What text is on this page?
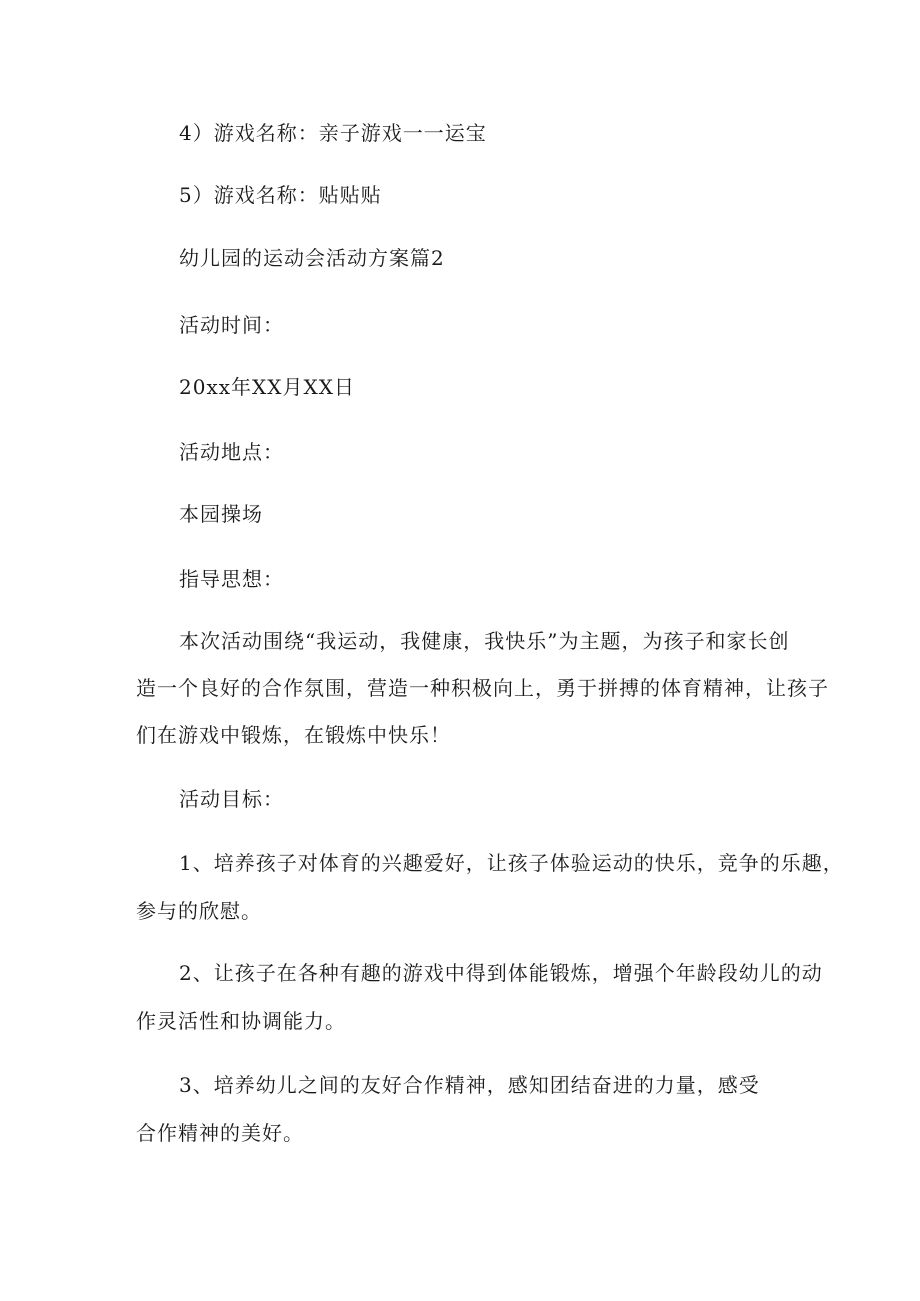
4）游戏名称：亲子游戏一一运宝
5）游戏名称：贴贴贴
幼儿园的运动会活动方案篇2
活动时间：
20xx年XX月XX日
活动地点：
本园操场
指导思想：
本次活动围绕“我运动，我健康，我快乐”为主题，为孩子和家长创
造一个良好的合作氛围，营造一种积极向上，勇于拼搏的体育精神，让孩子
们在游戏中锻炼，在锻炼中快乐！
活动目标：
1、培养孩子对体育的兴趣爱好，让孩子体验运动的快乐，竞争的乐趣，
参与的欣慰。
2、让孩子在各种有趣的游戏中得到体能锻炼，增强个年龄段幼儿的动
作灵活性和协调能力。
3、培养幼儿之间的友好合作精神，感知团结奋进的力量，感受
合作精神的美好。
